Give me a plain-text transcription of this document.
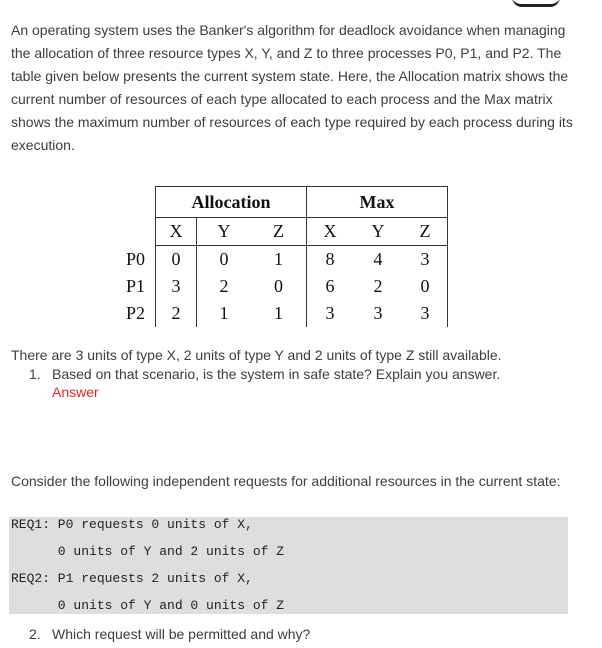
An operating system uses the Banker's algorithm for deadlock avoidance when managing the allocation of three resource types X, Y, and Z to three processes P0, P1, and P2. The table given below presents the current system state. Here, the Allocation matrix shows the current number of resources of each type allocated to each process and the Max matrix shows the maximum number of resources of each type required by each process during its execution.

	Allocation			Max		
	X	Y	Z	X	Y	Z
P0	0	0	1	8	4	3
P1	3	2	0	6	2	0
P2	2	1	1	3	3	3

There are 3 units of type X, 2 units of type Y and 2 units of type Z still available.

1. Based on that scenario, is the system in safe state? Explain you answer.
Answer

Consider the following independent requests for additional resources in the current state:

REQ1: P0 requests 0 units of X,
0 units of Y and 2 units of Z
REQ2: P1 requests 2 units of X,
0 units of Y and 0 units of Z
2. Which request will be permitted and why?
